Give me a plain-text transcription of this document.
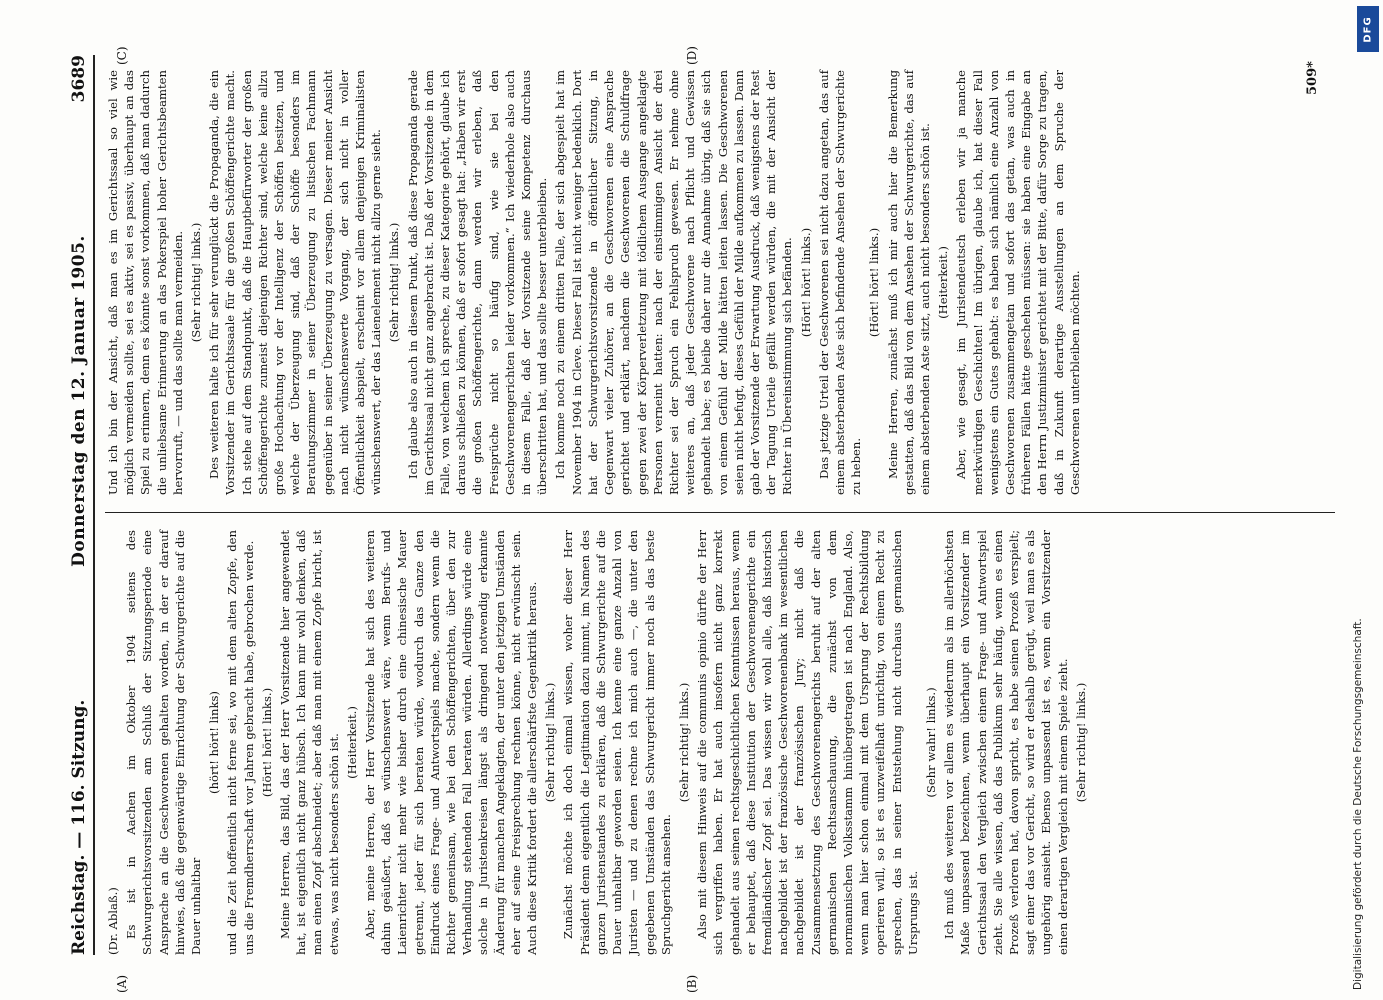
Reichstag. — 116. Sitzung.
Donnerstag den 12. Januar 1905.
3689
(A)	(B)
(C)	(D)

(Dr. Ablaß.) Es ist in Aachen im Oktober 1904 seitens des Schwurgerichtsvorsitzenden am Schluß der Sitzungsperiode eine Ansprache an die Geschworenen gehalten worden, in der er darauf hinwies, daß die gegenwärtige Einrichtung der Schwurgerichte auf die Dauer unhaltbar

(hört! hört! links) und die Zeit hoffentlich nicht ferne sei, wo mit dem alten Zopfe, den uns die Fremdherrschaft vor Jahren gebracht habe, gebrochen werde. (Hört! hört! links.) Meine Herren, das Bild, das der Herr Vorsitzende hier angewendet hat, ist eigentlich nicht ganz hübsch. Ich kann mir wohl denken, daß man einen Zopf abschneidet; aber daß man mit einem Zopfe bricht, ist etwas, was nicht besonders schön ist. (Heiterkeit.) Aber, meine Herren, der Herr Vorsitzende hat sich des weiteren dahin geäußert, daß es wünschenswert wäre, wenn Berufs- und Laienrichter nicht mehr wie bisher durch eine chinesische Mauer getrennt, jeder für sich beraten würde, wodurch das Ganze den Eindruck eines Frage- und Antwortspiels mache, sondern wenn die Richter gemeinsam, wie bei den Schöffengerichten, über den zur Verhandlung stehenden Fall beraten würden. Allerdings würde eine solche in Juristenkreisen längst als dringend notwendig erkannte Änderung für manchen Angeklagten, der unter den jetzigen Umständen eher auf seine Freisprechung rechnen könne, nicht erwünscht sein. Auch diese Kritik fordert die allerschärfste Gegenkritik heraus. (Sehr richtig! links.) Zunächst möchte ich doch einmal wissen, woher dieser Herr Präsident denn eigentlich die Legitimation dazu nimmt, im Namen des ganzen Juristenstandes zu erklären, daß die Schwurgerichte auf die Dauer unhaltbar geworden seien. Ich kenne eine ganze Anzahl von Juristen — und zu denen rechne ich mich auch —, die unter den gegebenen Umständen das Schwurgericht immer noch als das beste Spruchgericht ansehen.

(Sehr richtig! links.) Also mit diesem Hinweis auf die communis opinio dürfte der Herr sich vergriffen haben. Er hat auch insofern nicht ganz korrekt gehandelt aus seinen rechtsgeschichtlichen Kenntnissen heraus, wenn er behauptet, daß diese Institution der Geschworenengerichte ein fremdländischer Zopf sei. Das wissen wir wohl alle, daß historisch nachgebildet ist der französische Geschworenenbank im wesentlichen nachgebildet ist der französischen Jury; nicht daß die Zusammensetzung des Geschworenengerichts beruht auf der alten germanischen Rechtsanschauung, die zunächst von dem normannischen Volksstamm hinübergetragen ist nach England. Also, wenn man hier schon einmal mit dem Ursprung der Rechtsbildung operieren will, so ist es unzweifelhaft unrichtig, von einem Recht zu sprechen, das in seiner Entstehung nicht durchaus germanischen Ursprungs ist.

(Sehr wahr! links.) Ich muß des weiteren vor allem es wiederum als im allerhöchsten Maße unpassend bezeichnen, wenn überhaupt ein Vorsitzender im Gerichtssaal den Vergleich zwischen einem Frage- und Antwortspiel zieht. Sie alle wissen, daß das Publikum sehr häufig, wenn es einen Prozeß verloren hat, davon spricht, es habe seinen Prozeß verspielt; sagt einer das vor Gericht, so wird er deshalb gerügt, weil man es als ungehörig ansieht. Ebenso unpassend ist es, wenn ein Vorsitzender einen derartigen Vergleich mit einem Spiele zieht. (Sehr richtig! links.)

Und ich bin der Ansicht, daß man es im Gerichtssaal so viel wie möglich vermeiden sollte, sei es aktiv, sei es passiv, überhaupt an das Spiel zu erinnern, denn es könnte sonst vorkommen, daß man dadurch die unliebsame Erinnerung an das Pokerspiel hoher Gerichtsbeamten hervorruft, — und das sollte man vermeiden. (Sehr richtig! links.) Des weiteren halte ich für sehr verunglückt die Propaganda, die ein Vorsitzender im Gerichtssaale für die großen Schöffengerichte macht. Ich stehe auf dem Standpunkt, daß die Hauptbefürworter der großen Schöffengerichte zumeist diejenigen Richter sind, welche keine allzu große Hochachtung vor der Intelligenz der Schöffen besitzen, und welche der Überzeugung sind, daß der Schöffe besonders im Beratungszimmer in seiner Überzeugung zu listischen Fachmann gegenüber in seiner Überzeugung zu versagen. Dieser meiner Ansicht nach nicht wünschenswerte Vorgang, der sich nicht in voller Öffentlichkeit abspielt, erscheint vor allem denjenigen Kriminalisten wünschenswert, der das Laienelement nicht allzu gerne sieht. (Sehr richtig! links.) Ich glaube also auch in diesem Punkt, daß diese Propaganda gerade im Gerichtssaal nicht ganz angebracht ist. Daß der Vorsitzende in dem Falle, von welchem ich spreche, zu dieser Kategorie gehört, glaube ich daraus schließen zu können, daß er sofort gesagt hat: „Haben wir erst die großen Schöffengerichte, dann werden wir erleben, daß Freisprüche nicht so häufig sind, wie sie bei den Geschworenengerichten leider vorkommen.“ Ich wiederhole also auch in diesem Falle, daß der Vorsitzende seine Kompetenz durchaus überschritten hat, und das sollte besser unterbleiben. Ich komme noch zu einem dritten Falle, der sich abgespielt hat im November 1904 in Cleve. Dieser Fall ist nicht weniger bedenklich. Dort hat der Schwurgerichtsvorsitzende in öffentlicher Sitzung, in Gegenwart vieler Zuhörer, an die Geschworenen eine Ansprache gerichtet und erklärt, nachdem die Geschworenen die Schuldfrage gegen zwei der Körperverletzung mit tödlichem Ausgange angeklagte Personen verneint hatten: nach der einstimmigen Ansicht der drei Richter sei der Spruch ein Fehlspruch gewesen. Er nehme ohne weiteres an, daß jeder Geschworene nach Pflicht und Gewissen gehandelt habe; es bleibe daher nur die Annahme übrig, daß sie sich von einem Gefühl der Milde hätten leiten lassen. Die Geschworenen seien nicht befugt, dieses Gefühl der Milde aufkommen zu lassen. Dann gab der Vorsitzende der Erwartung Ausdruck, daß wenigstens der Rest der Tagung Urteile gefällt werden würden, die mit der Ansicht der Richter in Übereinstimmung sich befänden. (Hört! hört! links.) Das jetzige Urteil der Geschworenen sei nicht dazu angetan, das auf einem absterbenden Aste sich befindende Ansehen der Schwurgerichte zu heben.

(Hört! hört! links.) Meine Herren, zunächst muß ich mir auch hier die Bemerkung gestatten, daß das Bild von dem Ansehen der Schwurgerichte, das auf einem absterbenden Aste sitzt, auch nicht besonders schön ist. (Heiterkeit.) Aber, wie gesagt, im Juristendeutsch erleben wir ja manche merkwürdigen Geschichten! Im übrigen, glaube ich, hat dieser Fall wenigstens ein Gutes gehabt: es haben sich nämlich eine Anzahl von Geschworenen zusammengetan und sofort das getan, was auch in früheren Fällen hätte geschehen müssen: sie haben eine Eingabe an den Herrn Justizminister gerichtet mit der Bitte, dafür Sorge zu tragen, daß in Zukunft derartige Ausstellungen an dem Spruche der Geschworenen unterbleiben möchten.

509*
DFG
Digitalisierung gefördert durch die Deutsche Forschungsgemeinschaft.
